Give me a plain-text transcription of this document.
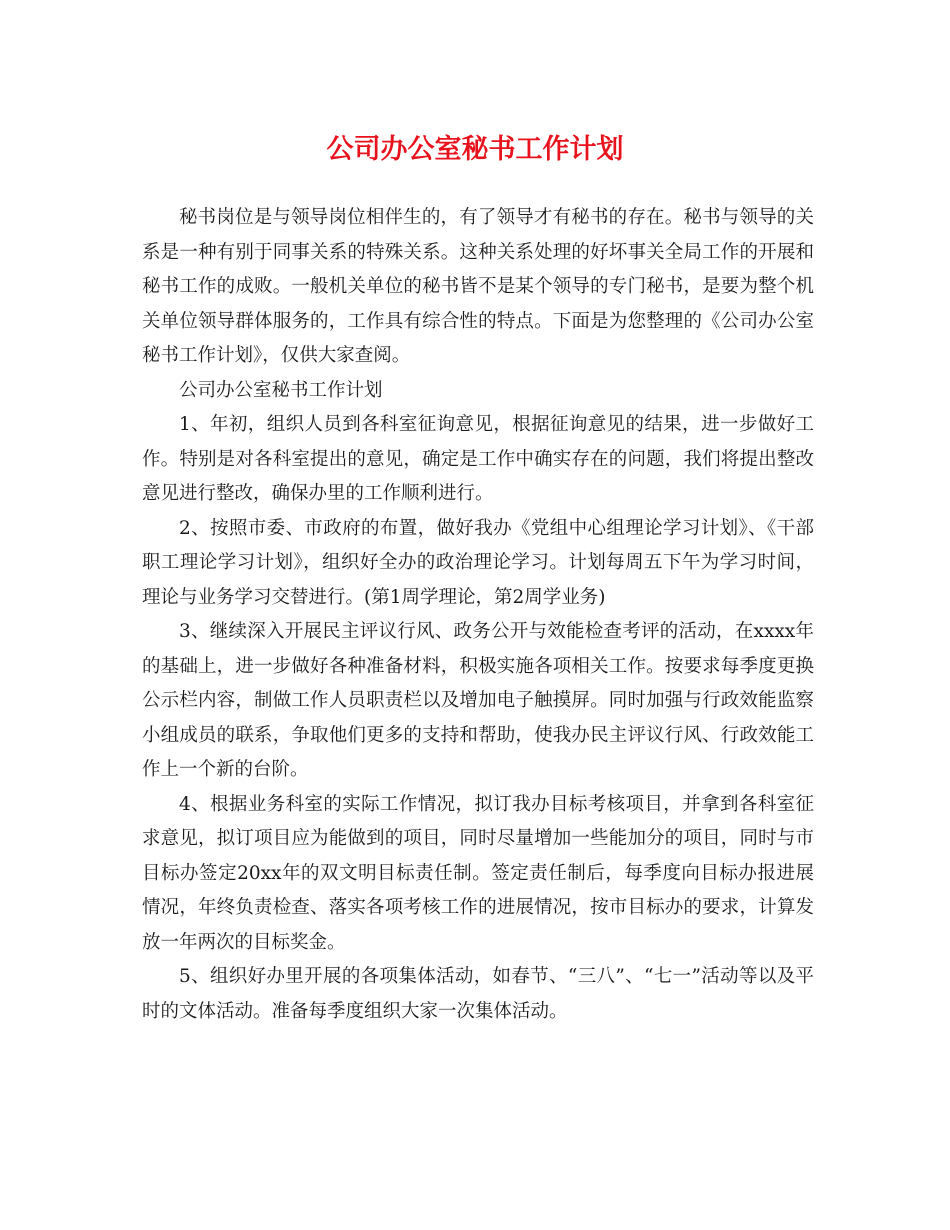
公司办公室秘书工作计划

秘书岗位是与领导岗位相伴生的，有了领导才有秘书的存在。秘书与领导的关系是一种有别于同事关系的特殊关系。这种关系处理的好坏事关全局工作的开展和秘书工作的成败。一般机关单位的秘书皆不是某个领导的专门秘书，是要为整个机关单位领导群体服务的，工作具有综合性的特点。下面是为您整理的《公司办公室秘书工作计划》，仅供大家查阅。

公司办公室秘书工作计划

1、年初，组织人员到各科室征询意见，根据征询意见的结果，进一步做好工作。特别是对各科室提出的意见，确定是工作中确实存在的问题，我们将提出整改意见进行整改，确保办里的工作顺利进行。

2、按照市委、市政府的布置，做好我办《党组中心组理论学习计划》、《干部职工理论学习计划》，组织好全办的政治理论学习。计划每周五下午为学习时间，理论与业务学习交替进行。(第1周学理论，第2周学业务)

3、继续深入开展民主评议行风、政务公开与效能检查考评的活动，在xxxx年的基础上，进一步做好各种准备材料，积极实施各项相关工作。按要求每季度更换公示栏内容，制做工作人员职责栏以及增加电子触摸屏。同时加强与行政效能监察小组成员的联系，争取他们更多的支持和帮助，使我办民主评议行风、行政效能工作上一个新的台阶。

4、根据业务科室的实际工作情况，拟订我办目标考核项目，并拿到各科室征求意见，拟订项目应为能做到的项目，同时尽量增加一些能加分的项目，同时与市目标办签定20xx年的双文明目标责任制。签定责任制后，每季度向目标办报进展情况，年终负责检查、落实各项考核工作的进展情况，按市目标办的要求，计算发放一年两次的目标奖金。

5、组织好办里开展的各项集体活动，如春节、“三八”、“七一”活动等以及平时的文体活动。准备每季度组织大家一次集体活动。
